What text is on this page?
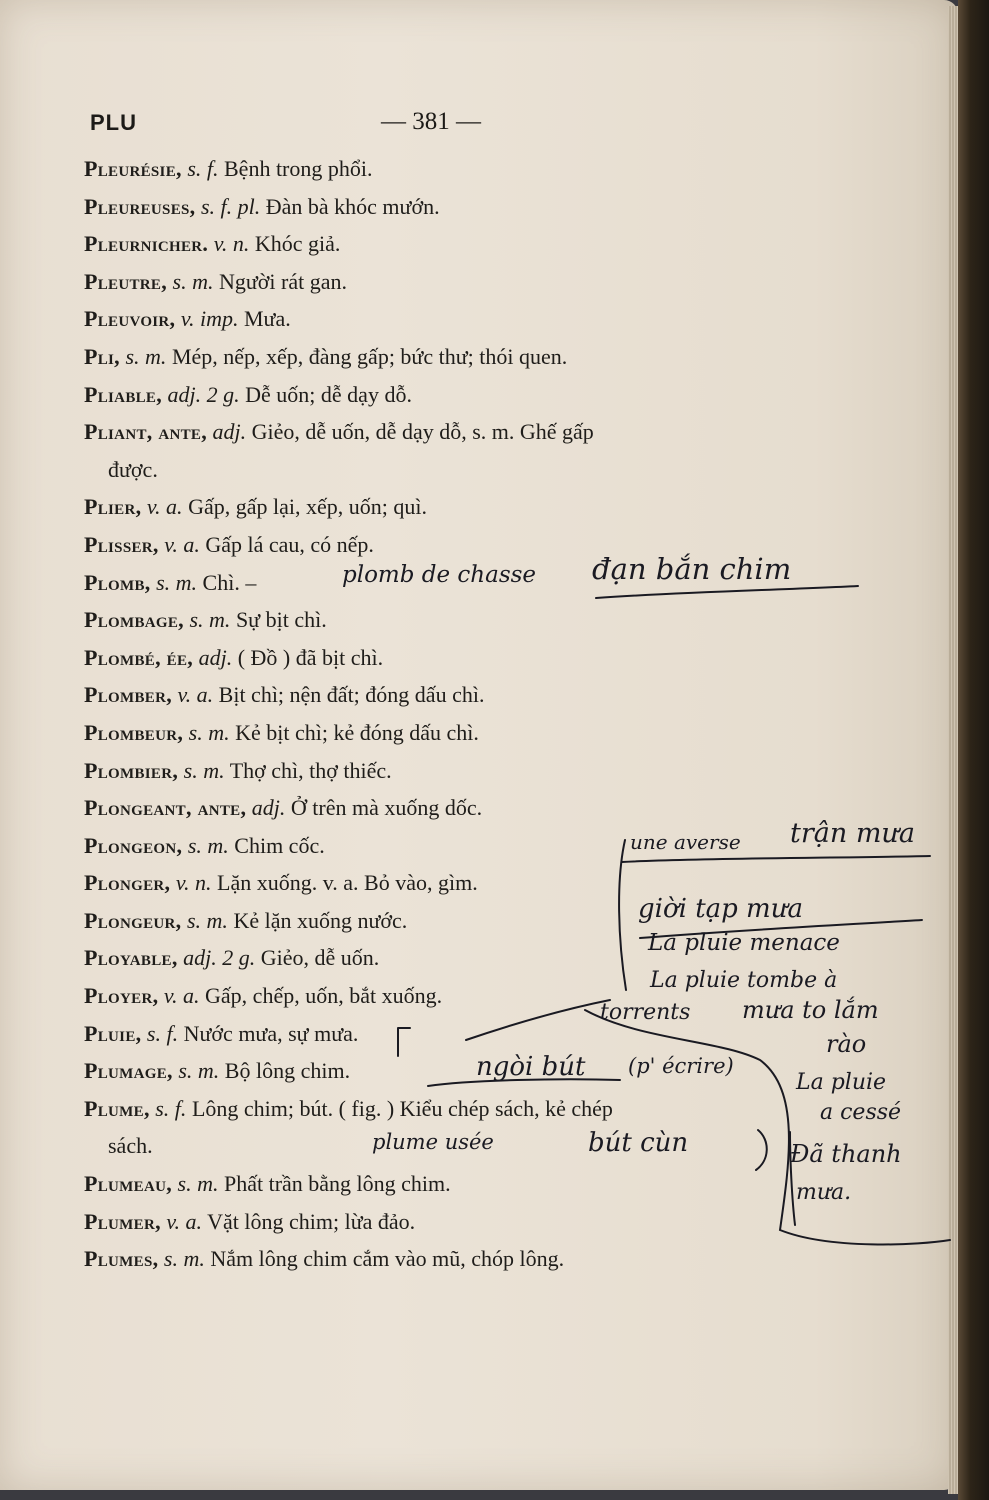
PLU	— 381 —
Pleurésie, s. f. Bệnh trong phổi.
Pleureuses, s. f. pl. Đàn bà khóc mướn.
Pleurnicher. v. n. Khóc giả.
Pleutre, s. m. Người rát gan.
Pleuvoir, v. imp. Mưa.
Pli, s. m. Mép, nếp, xếp, đàng gấp; bức thư; thói quen.
Pliable, adj. 2 g. Dễ uốn; dễ dạy dỗ.
Pliant, ante, adj. Giẻo, dễ uốn, dễ dạy dỗ, s. m. Ghế gấp
được.
Plier, v. a. Gấp, gấp lại, xếp, uốn; quì.
Plisser, v. a. Gấp lá cau, có nếp.
Plomb, s. m. Chì. –
Plombage, s. m. Sự bịt chì.
Plombé, ée, adj. ( Đồ ) đã bịt chì.
Plomber, v. a. Bịt chì; nện đất; đóng dấu chì.
Plombeur, s. m. Kẻ bịt chì; kẻ đóng dấu chì.
Plombier, s. m. Thợ chì, thợ thiếc.
Plongeant, ante, adj. Ở trên mà xuống dốc.
Plongeon, s. m. Chim cốc.
Plonger, v. n. Lặn xuống. v. a. Bỏ vào, gìm.
Plongeur, s. m. Kẻ lặn xuống nước.
Ployable, adj. 2 g. Giẻo, dễ uốn.
Ployer, v. a. Gấp, chếp, uốn, bắt xuống.
Pluie, s. f. Nước mưa, sự mưa.
Plumage, s. m. Bộ lông chim.
Plume, s. f. Lông chim; bút. ( fig. ) Kiểu chép sách, kẻ chép
sách.
Plumeau, s. m. Phất trần bằng lông chim.
Plumer, v. a. Vặt lông chim; lừa đảo.
Plumes, s. m. Nắm lông chim cắm vào mũ, chóp lông.
plomb de chasse đạn bắn chim
une averse trận mưa
giời tạp mưa
La pluie menace
La pluie tombe à
torrents mưa to lắm
rào
La pluie
a cessé
Đã thanh
mưa.
ngòi bút (p' écrire)
plume usée	bút cùn
